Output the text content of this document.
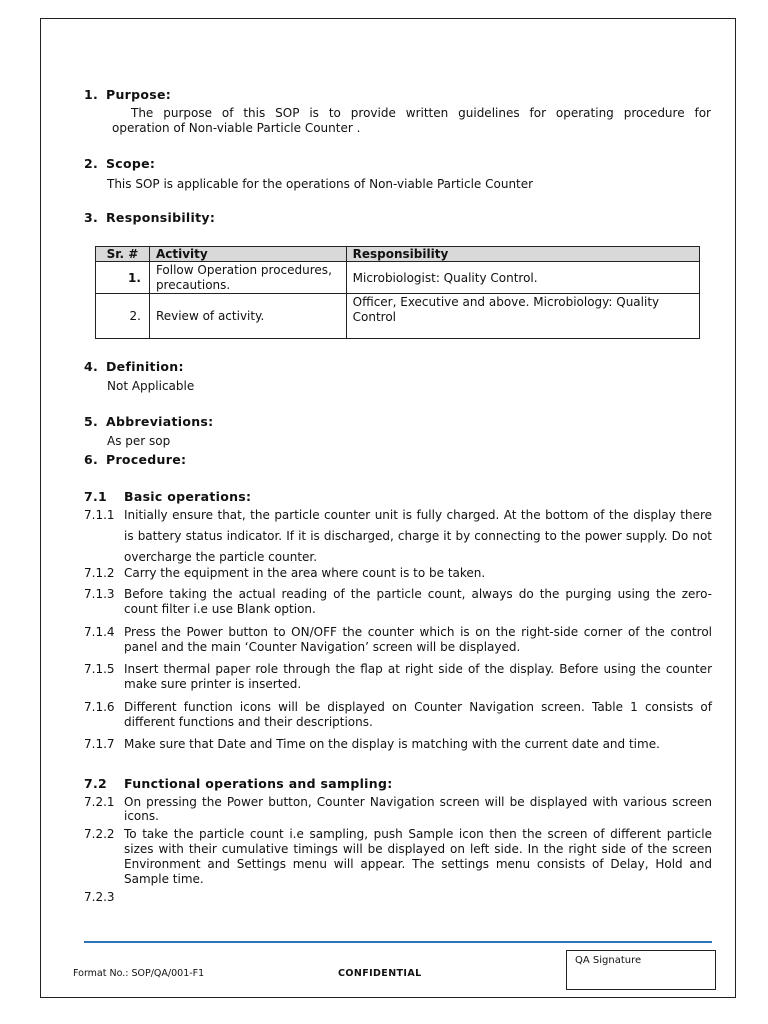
1. Purpose:
The purpose of this SOP is to provide written guidelines for operating procedure for
operation of Non-viable Particle Counter .
2. Scope:
This SOP is applicable for the operations of Non-viable Particle Counter
3. Responsibility:
Sr. #	Activity	Responsibility
1.	Follow Operation procedures, precautions.	Microbiologist: Quality Control.
2.	Review of activity.	Officer, Executive and above. Microbiology: Quality Control
4. Definition:
Not Applicable
5. Abbreviations:
As per sop
6. Procedure:
7.1 Basic operations:
7.1.1 Initially ensure that, the particle counter unit is fully charged. At the bottom of the display there is battery status indicator. If it is discharged, charge it by connecting to the power supply. Do not overcharge the particle counter.
7.1.2 Carry the equipment in the area where count is to be taken.
7.1.3 Before taking the actual reading of the particle count, always do the purging using the zero-count filter i.e use Blank option.
7.1.4 Press the Power button to ON/OFF the counter which is on the right-side corner of the control panel and the main ‘Counter Navigation’ screen will be displayed.
7.1.5 Insert thermal paper role through the flap at right side of the display. Before using the counter make sure printer is inserted.
7.1.6 Different function icons will be displayed on Counter Navigation screen. Table 1 consists of different functions and their descriptions.
7.1.7 Make sure that Date and Time on the display is matching with the current date and time.
7.2 Functional operations and sampling:
7.2.1 On pressing the Power button, Counter Navigation screen will be displayed with various screen icons.
7.2.2 To take the particle count i.e sampling, push Sample icon then the screen of different particle sizes with their cumulative timings will be displayed on left side. In the right side of the screen Environment and Settings menu will appear. The settings menu consists of Delay, Hold and Sample time.
7.2.3
QA Signature
Format No.: SOP/QA/001-F1	CONFIDENTIAL
